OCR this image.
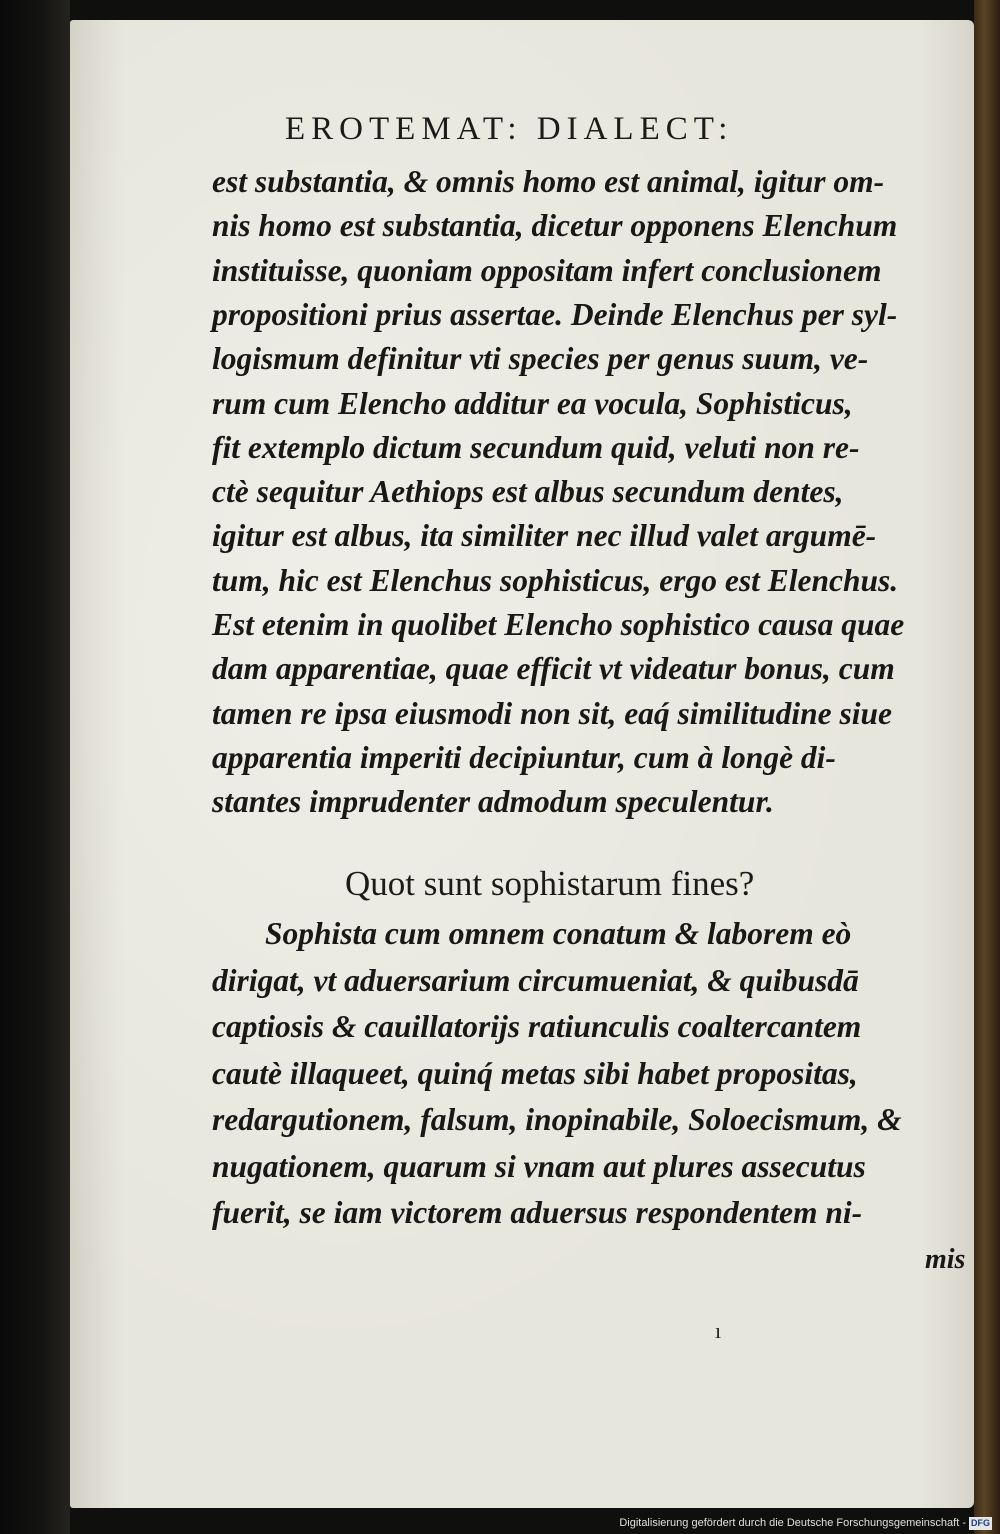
EROTEMAT: DIALECT:
est substantia, & omnis homo est animal, igitur om-
nis homo est substantia, dicetur opponens Elenchum
instituisse, quoniam oppositam infert conclusionem
propositioni prius assertae. Deinde Elenchus per syl-
logismum definitur vti species per genus suum, ve-
rum cum Elencho additur ea vocula, Sophisticus,
fit extemplo dictum secundum quid, veluti non re-
ctè sequitur Aethiops est albus secundum dentes,
igitur est albus, ita similiter nec illud valet argumē-
tum, hic est Elenchus sophisticus, ergo est Elenchus.
Est etenim in quolibet Elencho sophistico causa quae
dam apparentiae, quae efficit vt videatur bonus, cum
tamen re ipsa eiusmodi non sit, eaq́ similitudine siue
apparentia imperiti decipiuntur, cum à longè di-
stantes imprudenter admodum speculentur.
Quot sunt sophistarum fines?
Sophista cum omnem conatum & laborem eò
dirigat, vt aduersarium circumueniat, & quibusdā
captiosis & cauillatorijs ratiunculis coaltercantem
cautè illaqueet, quinq́ metas sibi habet propositas,
redargutionem, falsum, inopinabile, Soloecismum, &
nugationem, quarum si vnam aut plures assecutus
fuerit, se iam victorem aduersus respondentem ni-
mis
ı
Digitalisierung gefördert durch die Deutsche Forschungsgemeinschaft - DFG
